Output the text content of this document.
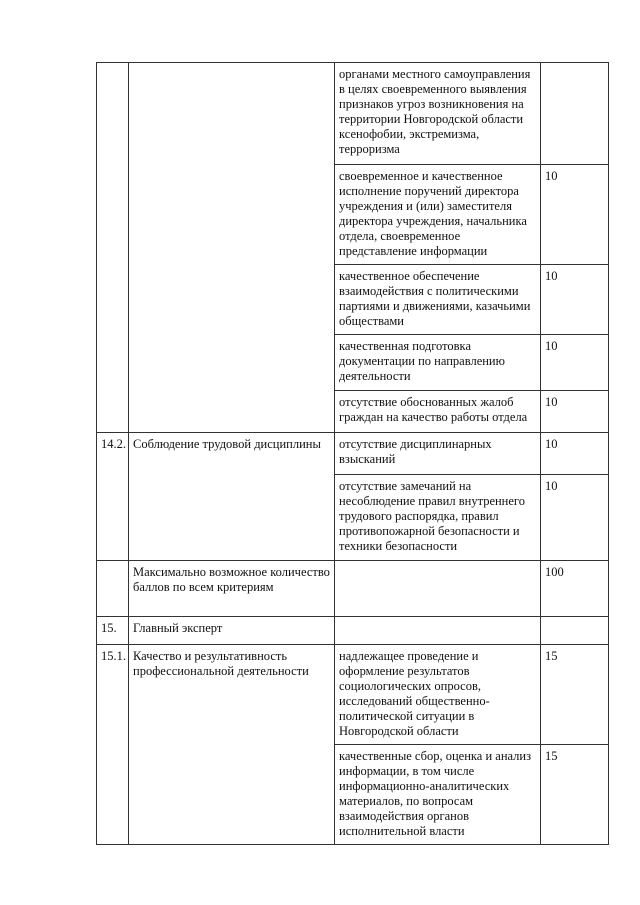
		органами местного самоуправления в целях своевременного выявления признаков угроз возникновения на территории Новгородской области ксенофобии, экстремизма, терроризма	
		своевременное и качественное исполнение поручений директора учреждения и (или) заместителя директора учреждения, начальника отдела, своевременное представление информации	10
		качественное обеспечение взаимодействия с политическими партиями и движениями, казачьими обществами	10
		качественная подготовка документации по направлению деятельности	10
		отсутствие обоснованных жалоб граждан на качество работы отдела	10
14.2.	Соблюдение трудовой дисциплины	отсутствие дисциплинарных взысканий	10
		отсутствие замечаний на несоблюдение правил внутреннего трудового распорядка, правил противопожарной безопасности и техники безопасности	10
	Максимально возможное количество баллов по всем критериям		100
15.	Главный эксперт		
15.1.	Качество и результативность профессиональной деятельности	надлежащее проведение и оформление результатов социологических опросов, исследований общественно-политической ситуации в Новгородской области	15
		качественные сбор, оценка и анализ информации, в том числе информационно-аналитических материалов, по вопросам взаимодействия органов исполнительной власти	15
